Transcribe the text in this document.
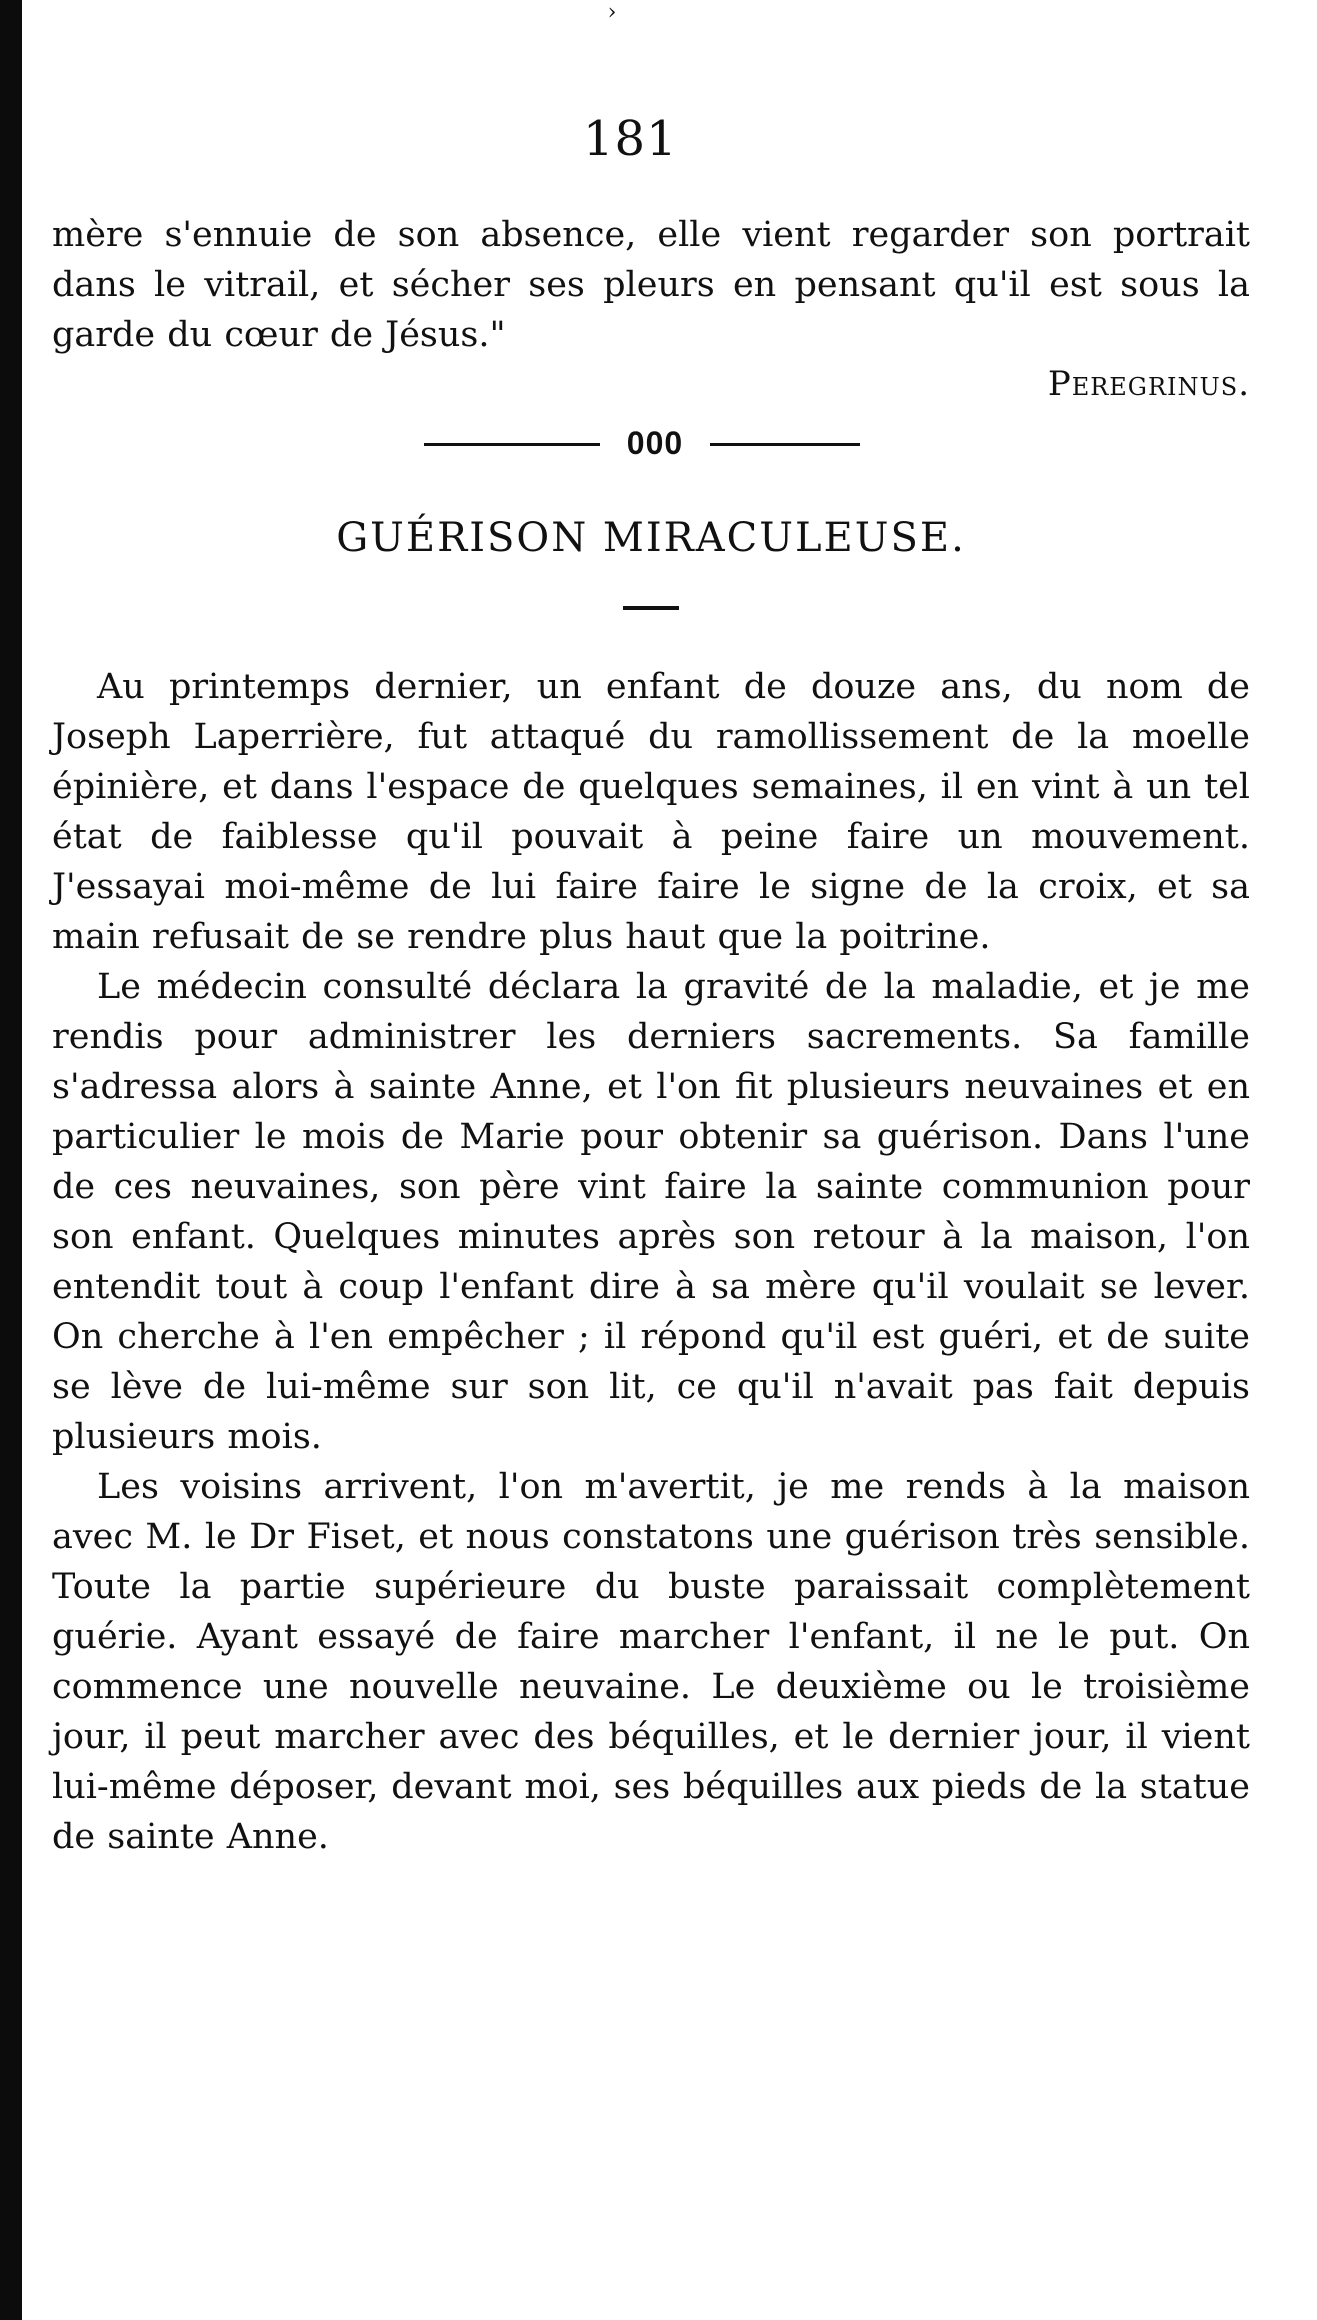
›
181

mère s'ennuie de son absence, elle vient regarder son portrait dans le vitrail, et sécher ses pleurs en pensant qu'il est sous la garde du cœur de Jésus."

Peregrinus.

000
GUÉRISON MIRACULEUSE.

Au printemps dernier, un enfant de douze ans, du nom de Joseph Laperrière, fut attaqué du ramollissement de la moelle épinière, et dans l'espace de quelques semaines, il en vint à un tel état de faiblesse qu'il pouvait à peine faire un mouvement. J'essayai moi-même de lui faire faire le signe de la croix, et sa main refusait de se rendre plus haut que la poitrine.

Le médecin consulté déclara la gravité de la maladie, et je me rendis pour administrer les derniers sacrements. Sa famille s'adressa alors à sainte Anne, et l'on fit plusieurs neuvaines et en particulier le mois de Marie pour obtenir sa guérison. Dans l'une de ces neuvaines, son père vint faire la sainte communion pour son enfant. Quelques minutes après son retour à la maison, l'on entendit tout à coup l'enfant dire à sa mère qu'il voulait se lever. On cherche à l'en empêcher ; il répond qu'il est guéri, et de suite se lève de lui-même sur son lit, ce qu'il n'avait pas fait depuis plusieurs mois.

Les voisins arrivent, l'on m'avertit, je me rends à la maison avec M. le Dr Fiset, et nous constatons une guérison très sensible. Toute la partie supérieure du buste paraissait complètement guérie. Ayant essayé de faire marcher l'enfant, il ne le put. On commence une nouvelle neuvaine. Le deuxième ou le troisième jour, il peut marcher avec des béquilles, et le dernier jour, il vient lui-même déposer, devant moi, ses béquilles aux pieds de la statue de sainte Anne.
